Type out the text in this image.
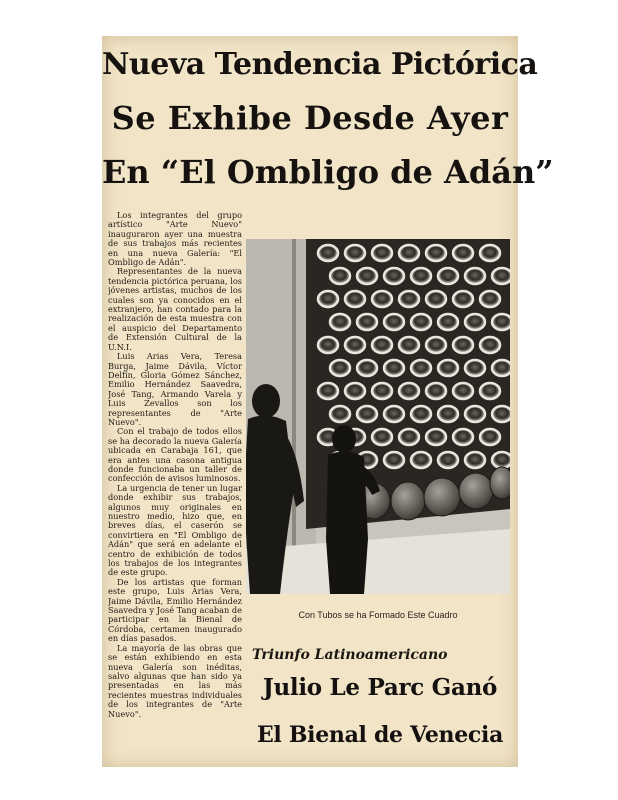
Nueva Tendencia Pictórica
Se Exhibe Desde Ayer
En “El Ombligo de Adán”

Los integrantes del grupo artístico "Arte Nuevo" inauguraron ayer una muestra de sus trabajos más recientes en una nueva Galería: "El Ombligo de Adán".

Representantes de la nueva tendencia pictórica peruana, los jóvenes artistas, muchos de los cuales son ya conocidos en el extranjero, han contado para la realización de esta muestra con el auspicio del Departamento de Extensión Cultural de la U.N.I.

Luis Arias Vera, Teresa Burga, Jaime Dávila, Víctor Delfín, Gloria Gómez Sánchez, Emilio Hernández Saavedra, José Tang, Armando Varela y Luis Zevallos son los representantes de "Arte Nuevo".

Con el trabajo de todos ellos se ha decorado la nueva Galería ubicada en Carabaja 161, que era antes una casona antigua donde funcionaba un taller de confección de avisos luminosos.

La urgencia de tener un lugar donde exhibir sus trabajos, algunos muy originales en nuestro medio, hizo que, en breves días, el caserón se convirtiera en "El Ombligo de Adán" que será en adelante el centro de exhibición de todos los trabajos de los integrantes de este grupo.

De los artistas que forman este grupo, Luis Arias Vera, Jaime Dávila, Emilio Hernández Saavedra y José Tang acaban de participar en la Bienal de Córdoba, certamen inaugurado en días pasados.

La mayoría de las obras que se están exhibiendo en esta nueva Galería son inéditas, salvo algunas que han sido ya presentadas en las más recientes muestras individuales de los integrantes de "Arte Nuevo".

Con Tubos se ha Formado Este Cuadro

Triunfo Latinoamericano

Julio Le Parc Ganó
El Bienal de Venecia
